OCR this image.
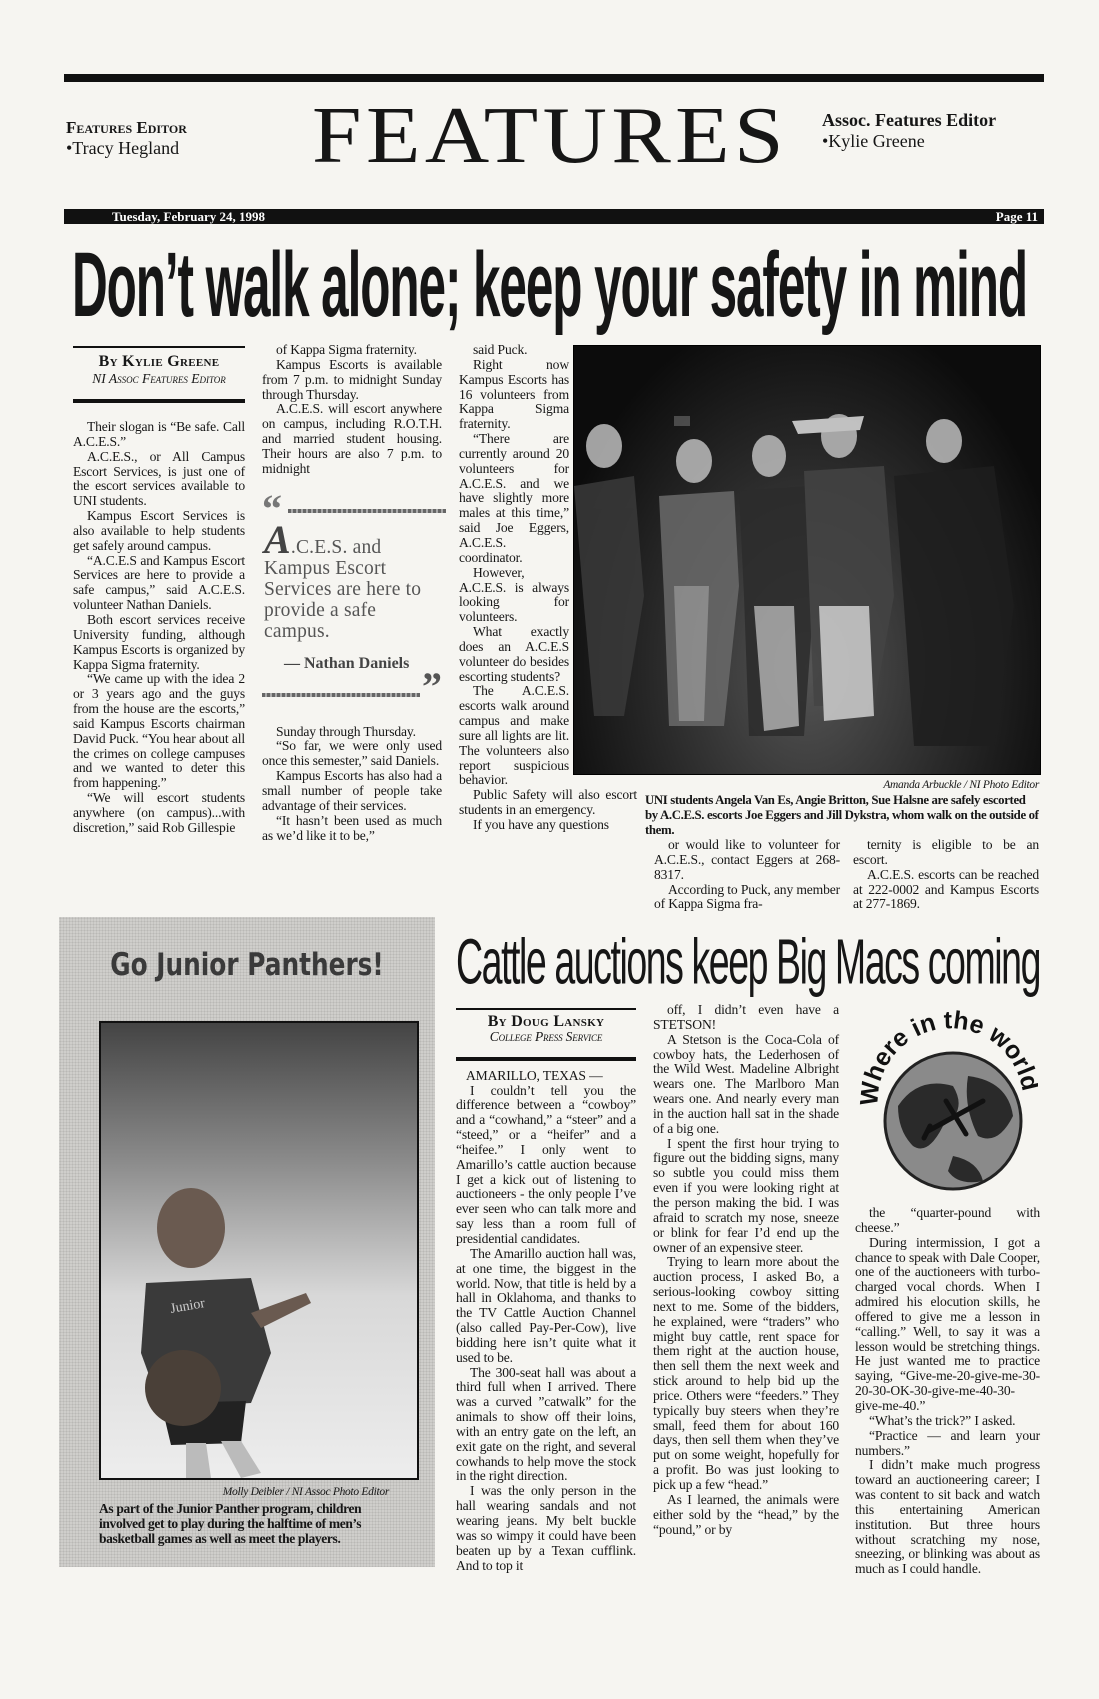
Features Editor
•Tracy Hegland FEATURES Assoc. Features Editor
•Kylie Greene
Tuesday, February 24, 1998	Page 11
Don’t walk alone; keep your safety in mind
By Kylie Greene
NI Assoc Features Editor

Their slogan is “Be safe. Call A.C.E.S.”

A.C.E.S., or All Campus Escort Services, is just one of the escort services available to UNI students.

Kampus Escort Services is also available to help students get safely around campus.

“A.C.E.S and Kampus Escort Services are here to provide a safe campus,” said A.C.E.S. volunteer Nathan Daniels.

Both escort services receive University funding, although Kampus Escorts is organized by Kappa Sigma fraternity.

“We came up with the idea 2 or 3 years ago and the guys from the house are the escorts,” said Kampus Escorts chairman David Puck. “You hear about all the crimes on college campuses and we wanted to deter this from happening.”

“We will escort students anywhere (on campus)...with discretion,” said Rob Gillespie

of Kappa Sigma fraternity.

Kampus Escorts is available from 7 p.m. to midnight Sunday through Thursday.

A.C.E.S. will escort anywhere on campus, including R.O.T.H. and married student housing. Their hours are also 7 p.m. to midnight

“
A.C.E.S. and Kampus Escort Services are here to provide a safe campus.
— Nathan Daniels
”

Sunday through Thursday.

“So far, we were only used once this semester,” said Daniels.

Kampus Escorts has also had a small number of people take advantage of their services.

“It hasn’t been used as much as we’d like it to be,”

said Puck.

Right now Kampus Escorts has 16 volunteers from Kappa Sigma fraternity.

“There are currently around 20 volunteers for A.C.E.S. and we have slightly more males at this time,” said Joe Eggers, A.C.E.S. coordinator.

However, A.C.E.S. is always looking for volunteers.

What exactly does an A.C.E.S volunteer do besides escorting students?

The A.C.E.S. escorts walk around campus and make sure all lights are lit. The volunteers also report suspicious behavior.

Public Safety will also escort students in an emergency.

If you have any questions

Amanda Arbuckle / NI Photo Editor
UNI students Angela Van Es, Angie Britton, Sue Halsne are safely escorted by A.C.E.S. escorts Joe Eggers and Jill Dykstra, whom walk on the outside of them.

or would like to volunteer for A.C.E.S., contact Eggers at 268-8317.

According to Puck, any member of Kappa Sigma fra-

ternity is eligible to be an escort.

A.C.E.S. escorts can be reached at 222-0002 and Kampus Escorts at 277-1869.

Go Junior Panthers!
Junior
Molly Deibler / NI Assoc Photo Editor
As part of the Junior Panther program, children involved get to play during the halftime of men’s basketball games as well as meet the players.
Cattle auctions keep Big Macs coming
By Doug Lansky
College Press Service

AMARILLO, TEXAS —

I couldn’t tell you the difference between a “cowboy” and a “cowhand,” a “steer” and a “steed,” or a “heifer” and a “heifee.” I only went to Amarillo’s cattle auction because I get a kick out of listening to auctioneers - the only people I’ve ever seen who can talk more and say less than a room full of presidential candidates.

The Amarillo auction hall was, at one time, the biggest in the world. Now, that title is held by a hall in Oklahoma, and thanks to the TV Cattle Auction Channel (also called Pay-Per-Cow), live bidding here isn’t quite what it used to be.

The 300-seat hall was about a third full when I arrived. There was a curved ”catwalk” for the animals to show off their loins, with an entry gate on the left, an exit gate on the right, and several cowhands to help move the stock in the right direction.

I was the only person in the hall wearing sandals and not wearing jeans. My belt buckle was so wimpy it could have been beaten up by a Texan cufflink. And to top it

off, I didn’t even have a STETSON!

A Stetson is the Coca-Cola of cowboy hats, the Lederhosen of the Wild West. Madeline Albright wears one. The Marlboro Man wears one. And nearly every man in the auction hall sat in the shade of a big one.

I spent the first hour trying to figure out the bidding signs, many so subtle you could miss them even if you were looking right at the person making the bid. I was afraid to scratch my nose, sneeze or blink for fear I’d end up the owner of an expensive steer.

Trying to learn more about the auction process, I asked Bo, a serious-looking cowboy sitting next to me. Some of the bidders, he explained, were “traders” who might buy cattle, rent space for them right at the auction house, then sell them the next week and stick around to help bid up the price. Others were “feeders.” They typically buy steers when they’re small, feed them for about 160 days, then sell them when they’ve put on some weight, hopefully for a profit. Bo was just looking to pick up a few “head.”

As I learned, the animals were either sold by the “head,” by the “pound,” or by

Where in the worl

the “quarter-pound with cheese.”

During intermission, I got a chance to speak with Dale Cooper, one of the auctioneers with turbo-charged vocal chords. When I admired his elocution skills, he offered to give me a lesson in “calling.” Well, to say it was a lesson would be stretching things. He just wanted me to practice saying, “Give-me-20-give-me-30-20-30-OK-30-give-me-40-30-give-me-40.”

“What’s the trick?” I asked.

“Practice — and learn your numbers.”

I didn’t make much progress toward an auctioneering career; I was content to sit back and watch this entertaining American institution. But three hours without scratching my nose, sneezing, or blinking was about as much as I could handle.
